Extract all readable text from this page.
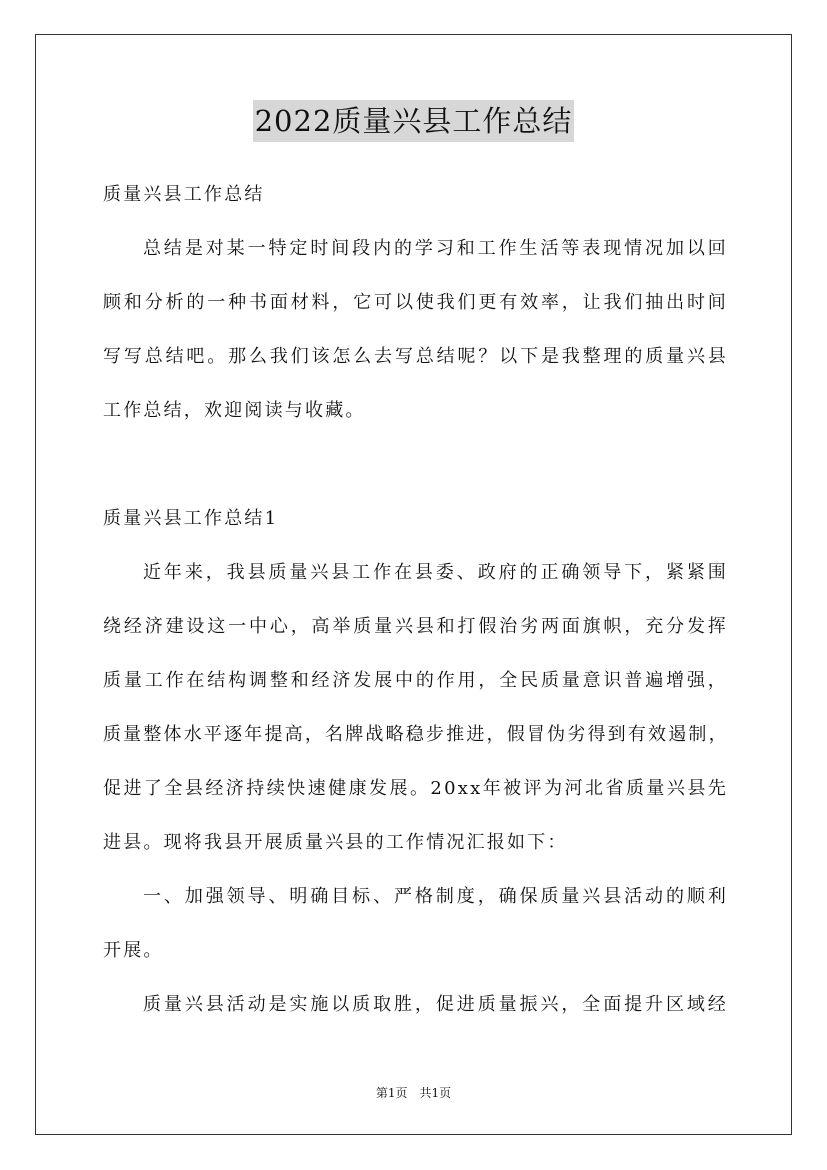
2022质量兴县工作总结
质量兴县工作总结
总结是对某一特定时间段内的学习和工作生活等表现情况加以回
顾和分析的一种书面材料，它可以使我们更有效率，让我们抽出时间
写写总结吧。那么我们该怎么去写总结呢？以下是我整理的质量兴县
工作总结，欢迎阅读与收藏。
质量兴县工作总结1
近年来，我县质量兴县工作在县委、政府的正确领导下，紧紧围
绕经济建设这一中心，高举质量兴县和打假治劣两面旗帜，充分发挥
质量工作在结构调整和经济发展中的作用，全民质量意识普遍增强，
质量整体水平逐年提高，名牌战略稳步推进，假冒伪劣得到有效遏制，
促进了全县经济持续快速健康发展。20xx年被评为河北省质量兴县先
进县。现将我县开展质量兴县的工作情况汇报如下：
一、加强领导、明确目标、严格制度，确保质量兴县活动的顺利
开展。
质量兴县活动是实施以质取胜，促进质量振兴，全面提升区域经
第1页　共1页
